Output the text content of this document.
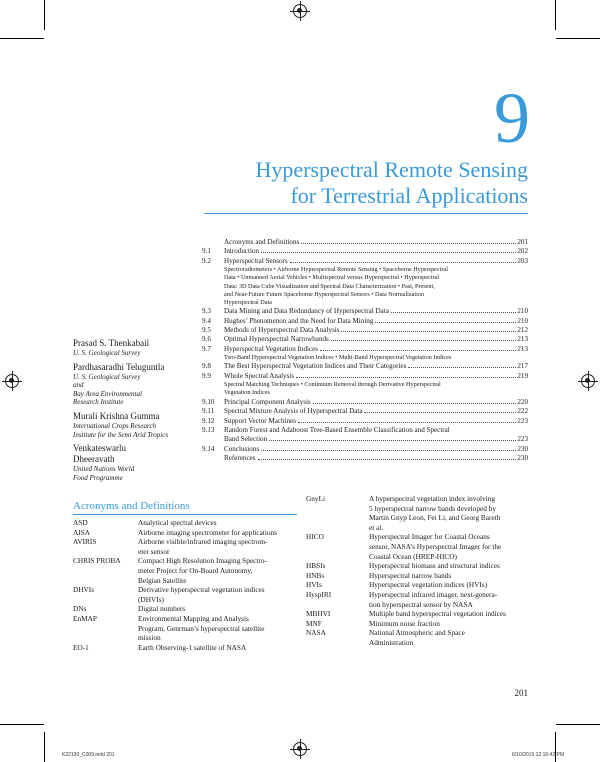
9
Hyperspectral Remote Sensing
for Terrestrial Applications
Acronyms and Definitions	201
9.1	Introduction	202
9.2	Hyperspectral Sensors	203
Spectroradiometers • Airborne Hyperspectral Remote Sensing • Spaceborne Hyperspectral
Data • Unmanned Aerial Vehicles • Multispectral versus Hyperspectral • Hyperspectral
Data: 3D Data Cube Visualization and Spectral Data Characterization • Past, Present,
and Near-Future Future Spaceborne Hyperspectral Sensors • Data Normalization
Hyperspectral Data
9.3	Data Mining and Data Redundancy of Hyperspectral Data	210
9.4	Hughes’ Phenomenon and the Need for Data Mining	210
9.5	Methods of Hyperspectral Data Analysis	212
9.6	Optimal Hyperspectral Narrowbands	213
9.7	Hyperspectral Vegetation Indices	213
Two-Band Hyperspectral Vegetation Indices • Multi-Band Hyperspectral Vegetation Indices
9.8	The Best Hyperspectral Vegetation Indices and Their Categories	217
9.9	Whole Spectral Analysis	219
Spectral Matching Techniques • Continuum Removal through Derivative Hyperspectral
Vegetation Indices
9.10	Principal Component Analysis	220
9.11	Spectral Mixture Analysis of Hyperspectral Data	222
9.12	Support Vector Machines	223
9.13	Random Forest and Adaboost Tree-Based Ensemble Classification and Spectral
Band Selection	223
9.14	Conclusions	230
References	230
Prasad S. Thenkabail
U. S. Geological Survey
Pardhasaradhi Teluguntla
U. S. Geological Survey
and
Bay Area Environmental
Research Institute
Murali Krishna Gumma
International Crops Research
Institute for the Semi Arid Tropics
Venkateswarlu
Dheeravath
United Nations World
Food Programme
Acronyms and Definitions
ASD	Analytical spectral devices
AISA	Airborne imaging spectrometer for applications
AVIRIS	Airborne visible/infrared imaging spectrom-
eter sensor
CHRIS PROBA	Compact High Resolution Imaging Spectro-
meter Project for On-Board Autonomy,
Belgian Satellite
DHVIs	Derivative hyperspectral vegetation indices
(DHVIs)
DNs	Digital numbers
EnMAP	Environmental Mapping and Analysis
Program, Genrman’s hyperspectral satellite
mission
EO-1	Earth Observing-1 satellite of NASA
GnyLi	A hyperspectral vegetation index involving
5 hyperspectral narrow bands developed by
Martin Gnyp Leon, Fei Li, and Georg Bareth
et al.
HICO	Hyperspectral Imager for Coastal Oceans
sensor, NASA’s Hyperspectral Imager for the
Coastal Ocean (HREP-HICO)
HBSIs	Hyperspectral biomass and structural indices
HNBs	Hyperspectral narrow bands
HVIs	Hyperspectral vegetation indices (HVIs)
HyspIRI	Hyperspectral infrared imager, next-genera-
tion hyperspectral sensor by NASA
MBHVI	Multiple band hyperspectral vegetation indices
MNF	Minimum noise fraction
NASA	National Atmospheric and Space
Administration
201
K22130_C009.indd 201	6/10/2015 12:16:42 PM
